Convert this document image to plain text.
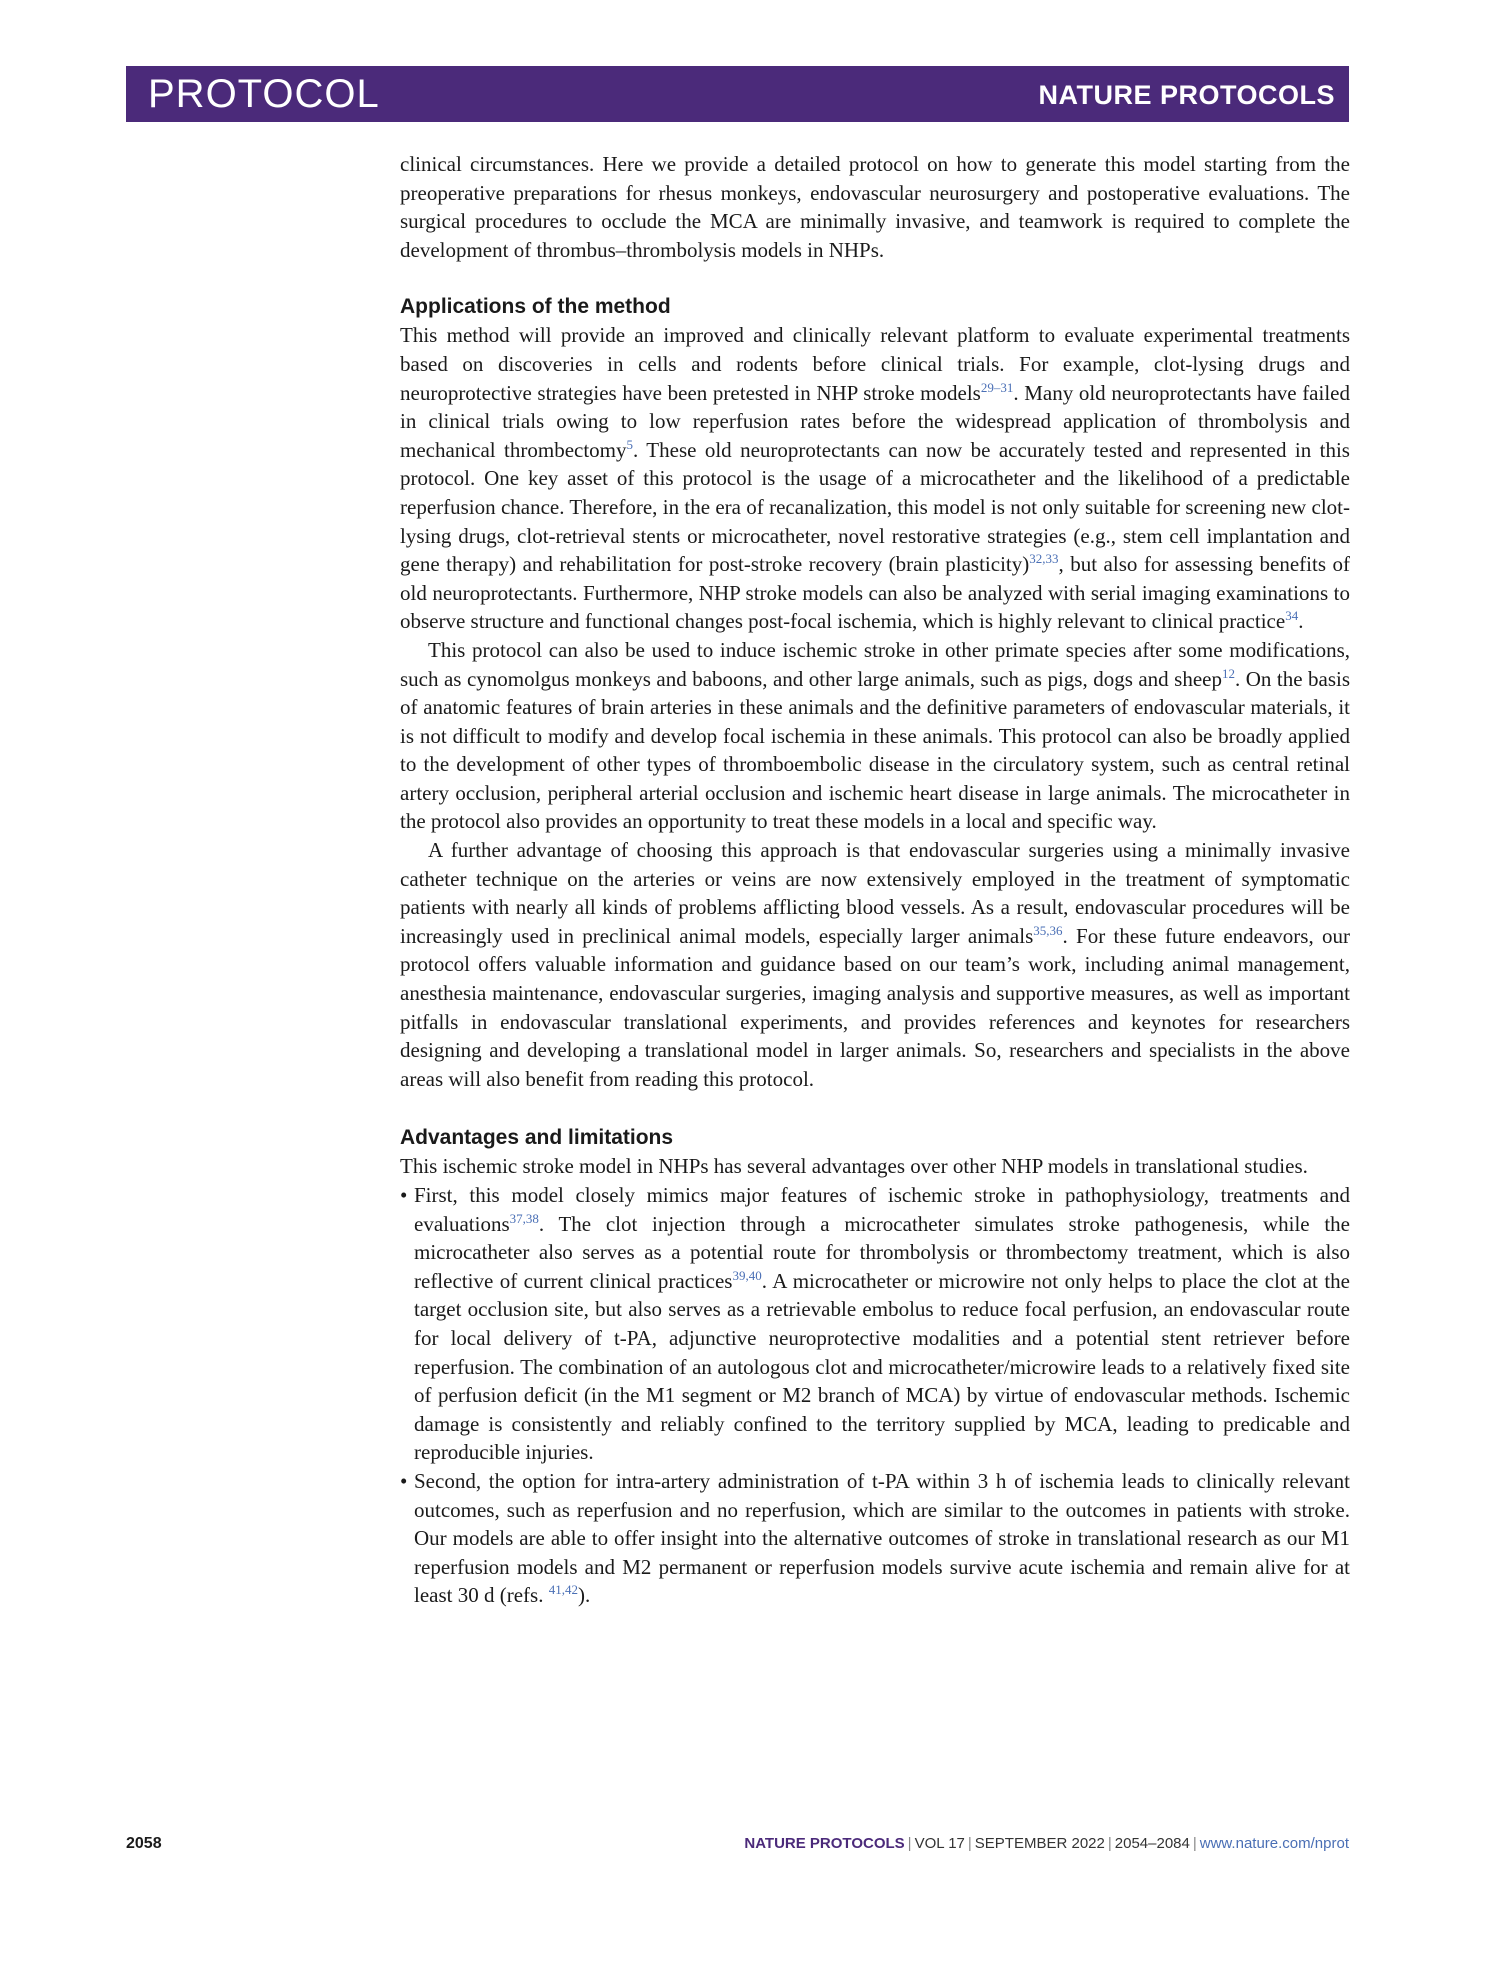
PROTOCOL	NATURE PROTOCOLS

clinical circumstances. Here we provide a detailed protocol on how to generate this model starting from the preoperative preparations for rhesus monkeys, endovascular neurosurgery and postoperative evaluations. The surgical procedures to occlude the MCA are minimally invasive, and teamwork is required to complete the development of thrombus–thrombolysis models in NHPs.

Applications of the method

This method will provide an improved and clinically relevant platform to evaluate experimental treatments based on discoveries in cells and rodents before clinical trials. For example, clot-lysing drugs and neuroprotective strategies have been pretested in NHP stroke models$^{29-31}$. Many old neuroprotectants have failed in clinical trials owing to low reperfusion rates before the widespread application of thrombolysis and mechanical thrombectomy$^5$. These old neuroprotectants can now be accurately tested and represented in this protocol. One key asset of this protocol is the usage of a microcatheter and the likelihood of a predictable reperfusion chance. Therefore, in the era of recanalization, this model is not only suitable for screening new clot-lysing drugs, clot-retrieval stents or microcatheter, novel restorative strategies (e.g., stem cell implantation and gene therapy) and rehabilitation for post-stroke recovery (brain plasticity)$^{32,33}$, but also for assessing benefits of old neuroprotectants. Furthermore, NHP stroke models can also be analyzed with serial imaging examinations to observe structure and functional changes post-focal ischemia, which is highly relevant to clinical practice$^{34}$.

This protocol can also be used to induce ischemic stroke in other primate species after some modifications, such as cynomolgus monkeys and baboons, and other large animals, such as pigs, dogs and sheep$^{12}$. On the basis of anatomic features of brain arteries in these animals and the definitive parameters of endovascular materials, it is not difficult to modify and develop focal ischemia in these animals. This protocol can also be broadly applied to the development of other types of thromboembolic disease in the circulatory system, such as central retinal artery occlusion, peripheral arterial occlusion and ischemic heart disease in large animals. The microcatheter in the protocol also provides an opportunity to treat these models in a local and specific way.

A further advantage of choosing this approach is that endovascular surgeries using a minimally invasive catheter technique on the arteries or veins are now extensively employed in the treatment of symptomatic patients with nearly all kinds of problems afflicting blood vessels. As a result, endovascular procedures will be increasingly used in preclinical animal models, especially larger animals$^{35,36}$. For these future endeavors, our protocol offers valuable information and guidance based on our team’s work, including animal management, anesthesia maintenance, endovascular surgeries, imaging analysis and supportive measures, as well as important pitfalls in endovascular translational experiments, and provides references and keynotes for researchers designing and developing a translational model in larger animals. So, researchers and specialists in the above areas will also benefit from reading this protocol.

Advantages and limitations

This ischemic stroke model in NHPs has several advantages over other NHP models in translational studies.

• First, this model closely mimics major features of ischemic stroke in pathophysiology, treatments and evaluations$^{37,38}$. The clot injection through a microcatheter simulates stroke pathogenesis, while the microcatheter also serves as a potential route for thrombolysis or thrombectomy treatment, which is also reflective of current clinical practices$^{39,40}$. A microcatheter or microwire not only helps to place the clot at the target occlusion site, but also serves as a retrievable embolus to reduce focal perfusion, an endovascular route for local delivery of t-PA, adjunctive neuroprotective modalities and a potential stent retriever before reperfusion. The combination of an autologous clot and microcatheter/microwire leads to a relatively fixed site of perfusion deficit (in the M1 segment or M2 branch of MCA) by virtue of endovascular methods. Ischemic damage is consistently and reliably confined to the territory supplied by MCA, leading to predicable and reproducible injuries.
• Second, the option for intra-artery administration of t-PA within 3 h of ischemia leads to clinically relevant outcomes, such as reperfusion and no reperfusion, which are similar to the outcomes in patients with stroke. Our models are able to offer insight into the alternative outcomes of stroke in translational research as our M1 reperfusion models and M2 permanent or reperfusion models survive acute ischemia and remain alive for at least 30 d (refs. $^{41,42}$).
2058	NATURE PROTOCOLS | VOL 17 | SEPTEMBER 2022 | 2054–2084 | www.nature.com/nprot
